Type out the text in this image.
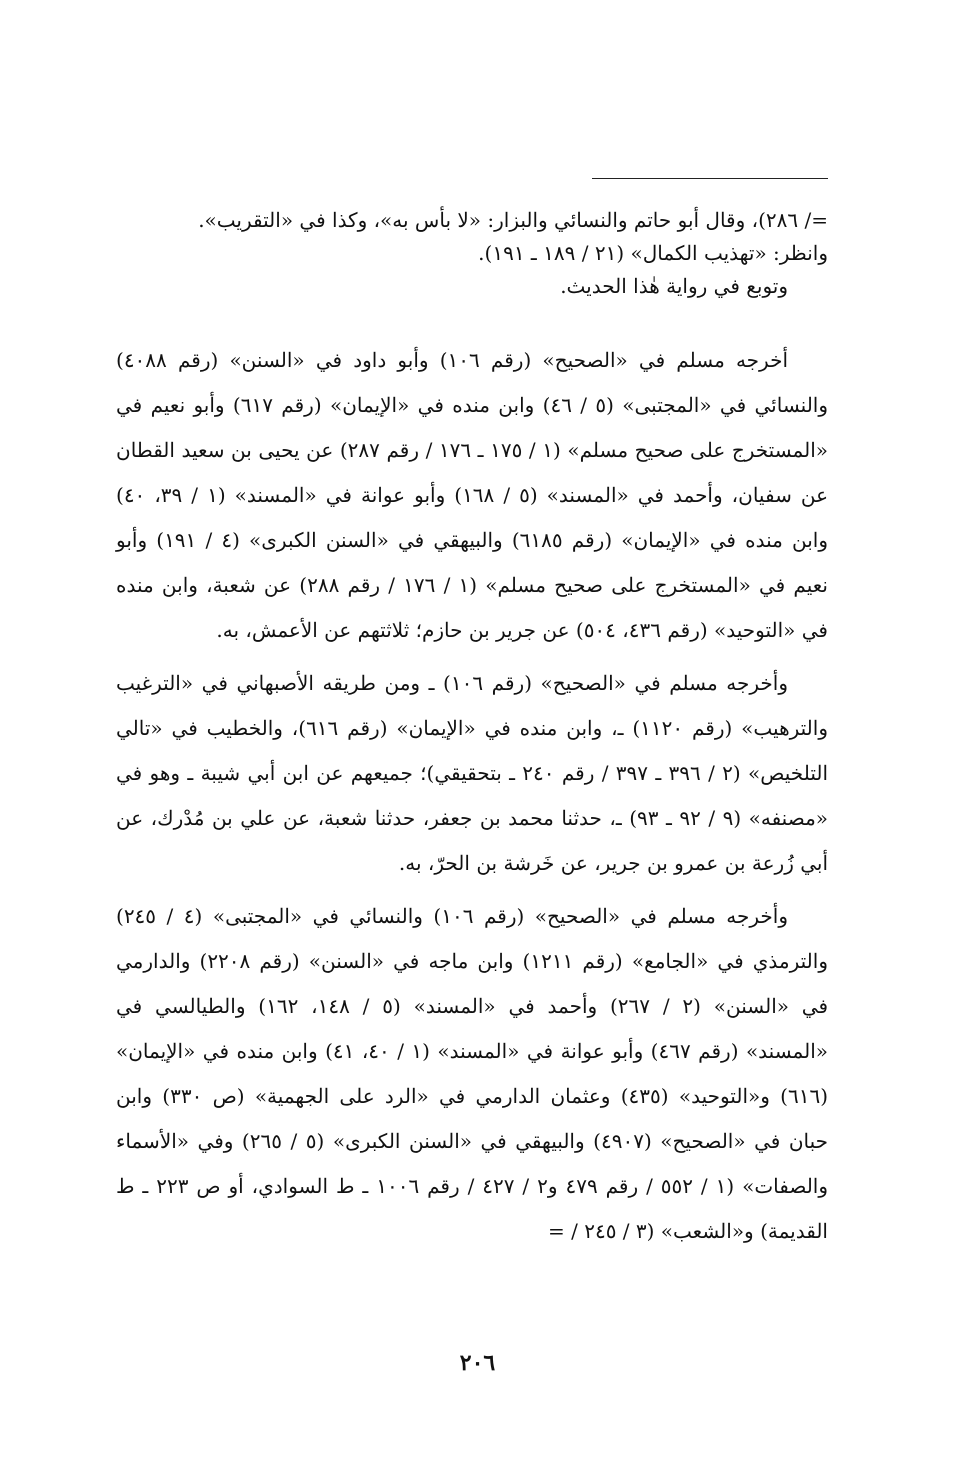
=/ ٢٨٦)، وقال أبو حاتم والنسائي والبزار: «لا بأس به»، وكذا في «التقريب».

وانظر: «تهذيب الكمال» (٢١ / ١٨٩ ـ ١٩١).

وتوبع في رواية هٰذا الحديث.

أخرجه مسلم في «الصحيح» (رقم ١٠٦) وأبو داود في «السنن» (رقم ٤٠٨٨) والنسائي في «المجتبى» (٥ / ٤٦) وابن منده في «الإيمان» (رقم ٦١٧) وأبو نعيم في «المستخرج على صحيح مسلم» (١ / ١٧٥ ـ ١٧٦ / رقم ٢٨٧) عن يحيى بن سعيد القطان عن سفيان، وأحمد في «المسند» (٥ / ١٦٨) وأبو عوانة في «المسند» (١ / ٣٩، ٤٠) وابن منده في «الإيمان» (رقم ٦١٨٥) والبيهقي في «السنن الكبرى» (٤ / ١٩١) وأبو نعيم في «المستخرج على صحيح مسلم» (١ / ١٧٦ / رقم ٢٨٨) عن شعبة، وابن منده في «التوحيد» (رقم ٤٣٦، ٥٠٤) عن جرير بن حازم؛ ثلاثتهم عن الأعمش، به.

وأخرجه مسلم في «الصحيح» (رقم ١٠٦) ـ ومن طريقه الأصبهاني في «الترغيب والترهيب» (رقم ١١٢٠) ـ، وابن منده في «الإيمان» (رقم ٦١٦)، والخطيب في «تالي التلخيص» (٢ / ٣٩٦ ـ ٣٩٧ / رقم ٢٤٠ ـ بتحقيقي)؛ جميعهم عن ابن أبي شيبة ـ وهو في «مصنفه» (٩ / ٩٢ ـ ٩٣) ـ، حدثنا محمد بن جعفر، حدثنا شعبة، عن علي بن مُدْرك، عن أبي زُرعة بن عمرو بن جرير، عن خَرشة بن الحرّ، به.

وأخرجه مسلم في «الصحيح» (رقم ١٠٦) والنسائي في «المجتبى» (٤ / ٢٤٥) والترمذي في «الجامع» (رقم ١٢١١) وابن ماجه في «السنن» (رقم ٢٢٠٨) والدارمي في «السنن» (٢ / ٢٦٧) وأحمد في «المسند» (٥ / ١٤٨، ١٦٢) والطيالسي في «المسند» (رقم ٤٦٧) وأبو عوانة في «المسند» (١ / ٤٠، ٤١) وابن منده في «الإيمان» (٦١٦) و«التوحيد» (٤٣٥) وعثمان الدارمي في «الرد على الجهمية» (ص ٣٣٠) وابن حبان في «الصحيح» (٤٩٠٧) والبيهقي في «السنن الكبرى» (٥ / ٢٦٥) وفي «الأسماء والصفات» (١ / ٥٥٢ / رقم ٤٧٩ و٢ / ٤٢٧ / رقم ١٠٠٦ ـ ط السوادي، أو ص ٢٢٣ ـ ط القديمة) و«الشعب» (٣ / ٢٤٥ / =

٢٠٦
